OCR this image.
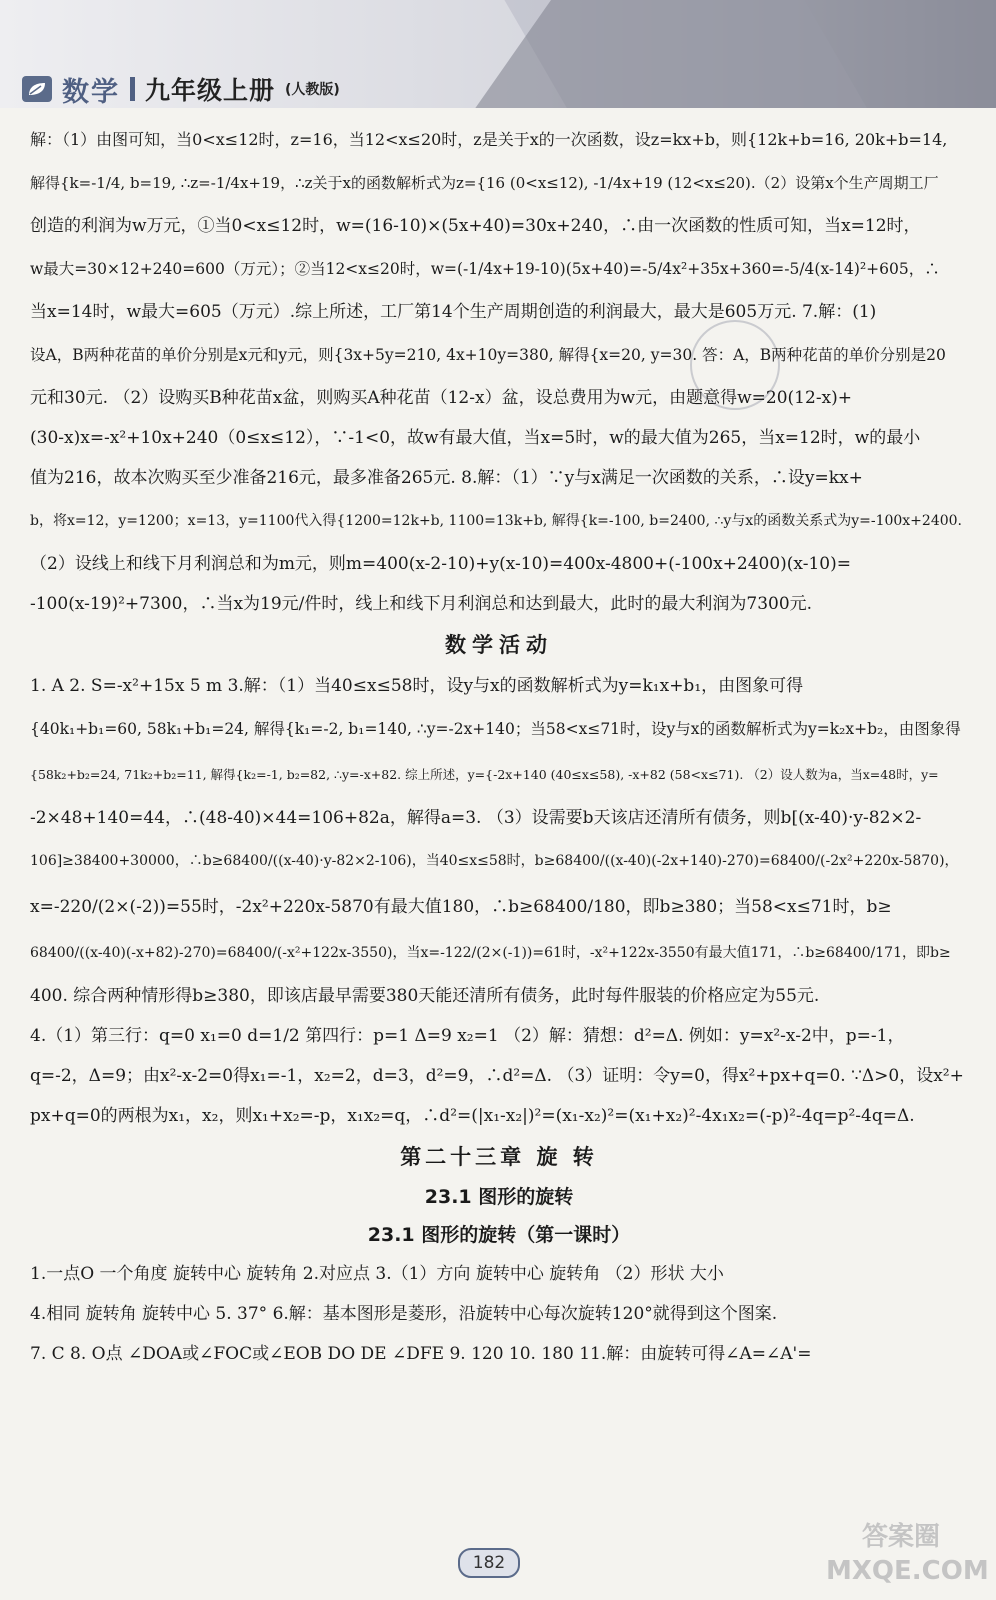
数学 九年级上册 (人教版)
解：（1）由图可知，当0<x≤12时，z=16，当12<x≤20时，z是关于x的一次函数，设z=kx+b，则{12k+b=16, 20k+b=14,
解得{k=-1/4, b=19, ∴z=-1/4x+19，∴z关于x的函数解析式为z={16 (0<x≤12), -1/4x+19 (12<x≤20).（2）设第x个生产周期工厂
创造的利润为w万元，①当0<x≤12时，w=(16-10)×(5x+40)=30x+240，∴由一次函数的性质可知，当x=12时，
w最大=30×12+240=600（万元）；②当12<x≤20时，w=(-1/4x+19-10)(5x+40)=-5/4x²+35x+360=-5/4(x-14)²+605，∴
当x=14时，w最大=605（万元）.综上所述，工厂第14个生产周期创造的利润最大，最大是605万元. 7.解：(1)
设A，B两种花苗的单价分别是x元和y元，则{3x+5y=210, 4x+10y=380, 解得{x=20, y=30. 答：A，B两种花苗的单价分别是20
元和30元. （2）设购买B种花苗x盆，则购买A种花苗（12-x）盆，设总费用为w元，由题意得w=20(12-x)+
(30-x)x=-x²+10x+240（0≤x≤12），∵-1<0，故w有最大值，当x=5时，w的最大值为265，当x=12时，w的最小
值为216，故本次购买至少准备216元，最多准备265元. 8.解：（1）∵y与x满足一次函数的关系，∴设y=kx+
b，将x=12，y=1200；x=13，y=1100代入得{1200=12k+b, 1100=13k+b, 解得{k=-100, b=2400, ∴y与x的函数关系式为y=-100x+2400.
（2）设线上和线下月利润总和为m元，则m=400(x-2-10)+y(x-10)=400x-4800+(-100x+2400)(x-10)=
-100(x-19)²+7300，∴当x为19元/件时，线上和线下月利润总和达到最大，此时的最大利润为7300元.
数学活动
1. A 2. S=-x²+15x 5 m 3.解：（1）当40≤x≤58时，设y与x的函数解析式为y=k₁x+b₁，由图象可得
{40k₁+b₁=60, 58k₁+b₁=24, 解得{k₁=-2, b₁=140, ∴y=-2x+140；当58<x≤71时，设y与x的函数解析式为y=k₂x+b₂，由图象得
{58k₂+b₂=24, 71k₂+b₂=11, 解得{k₂=-1, b₂=82, ∴y=-x+82. 综上所述，y={-2x+140 (40≤x≤58), -x+82 (58<x≤71). （2）设人数为a，当x=48时，y=
-2×48+140=44，∴(48-40)×44=106+82a，解得a=3. （3）设需要b天该店还清所有债务，则b[(x-40)·y-82×2-
106]≥38400+30000，∴b≥68400/((x-40)·y-82×2-106)，当40≤x≤58时，b≥68400/((x-40)(-2x+140)-270)=68400/(-2x²+220x-5870)，
x=-220/(2×(-2))=55时，-2x²+220x-5870有最大值180，∴b≥68400/180，即b≥380；当58<x≤71时，b≥
68400/((x-40)(-x+82)-270)=68400/(-x²+122x-3550)，当x=-122/(2×(-1))=61时，-x²+122x-3550有最大值171，∴b≥68400/171，即b≥
400. 综合两种情形得b≥380，即该店最早需要380天能还清所有债务，此时每件服装的价格应定为55元.
4.（1）第三行：q=0 x₁=0 d=1/2 第四行：p=1 Δ=9 x₂=1 （2）解：猜想：d²=Δ. 例如：y=x²-x-2中，p=-1，
q=-2，Δ=9；由x²-x-2=0得x₁=-1，x₂=2，d=3，d²=9，∴d²=Δ. （3）证明：令y=0，得x²+px+q=0. ∵Δ>0，设x²+
px+q=0的两根为x₁，x₂，则x₁+x₂=-p，x₁x₂=q，∴d²=(|x₁-x₂|)²=(x₁-x₂)²=(x₁+x₂)²-4x₁x₂=(-p)²-4q=p²-4q=Δ.
第二十三章 旋 转
23.1 图形的旋转
23.1 图形的旋转（第一课时）
1.一点O 一个角度 旋转中心 旋转角 2.对应点 3.（1）方向 旋转中心 旋转角 （2）形状 大小
4.相同 旋转角 旋转中心 5. 37° 6.解：基本图形是菱形，沿旋转中心每次旋转120°就得到这个图案.
7. C 8. O点 ∠DOA或∠FOC或∠EOB DO DE ∠DFE 9. 120 10. 180 11.解：由旋转可得∠A=∠A'=
182
答案圈 MXQE.COM
